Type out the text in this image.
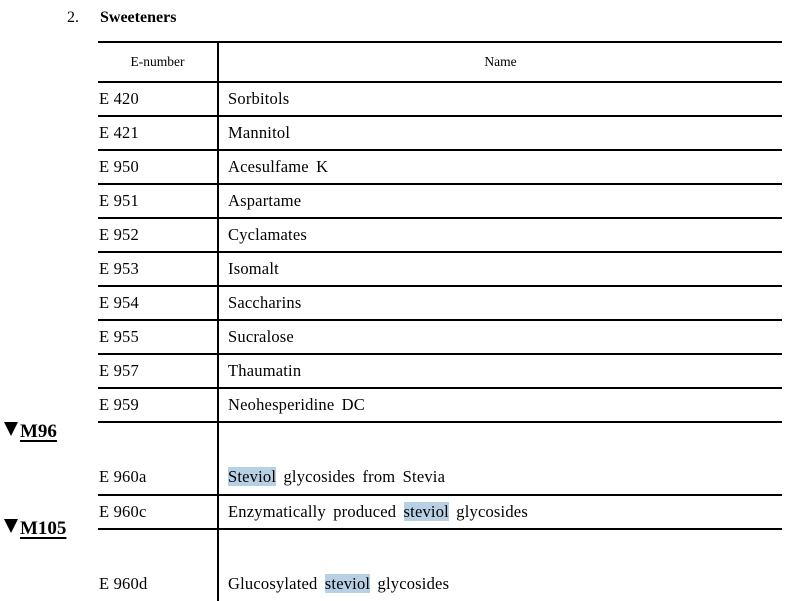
2. Sweeteners
E-number	Name
E 420	Sorbitols
E 421	Mannitol
E 950	Acesulfame K
E 951	Aspartame
E 952	Cyclamates
E 953	Isomalt
E 954	Saccharins
E 955	Sucralose
E 957	Thaumatin
E 959	Neohesperidine DC
E 960a	Steviol glycosides from Stevia
E 960c	Enzymatically produced steviol glycosides
E 960d	Glucosylated steviol glycosides
M96
M105
